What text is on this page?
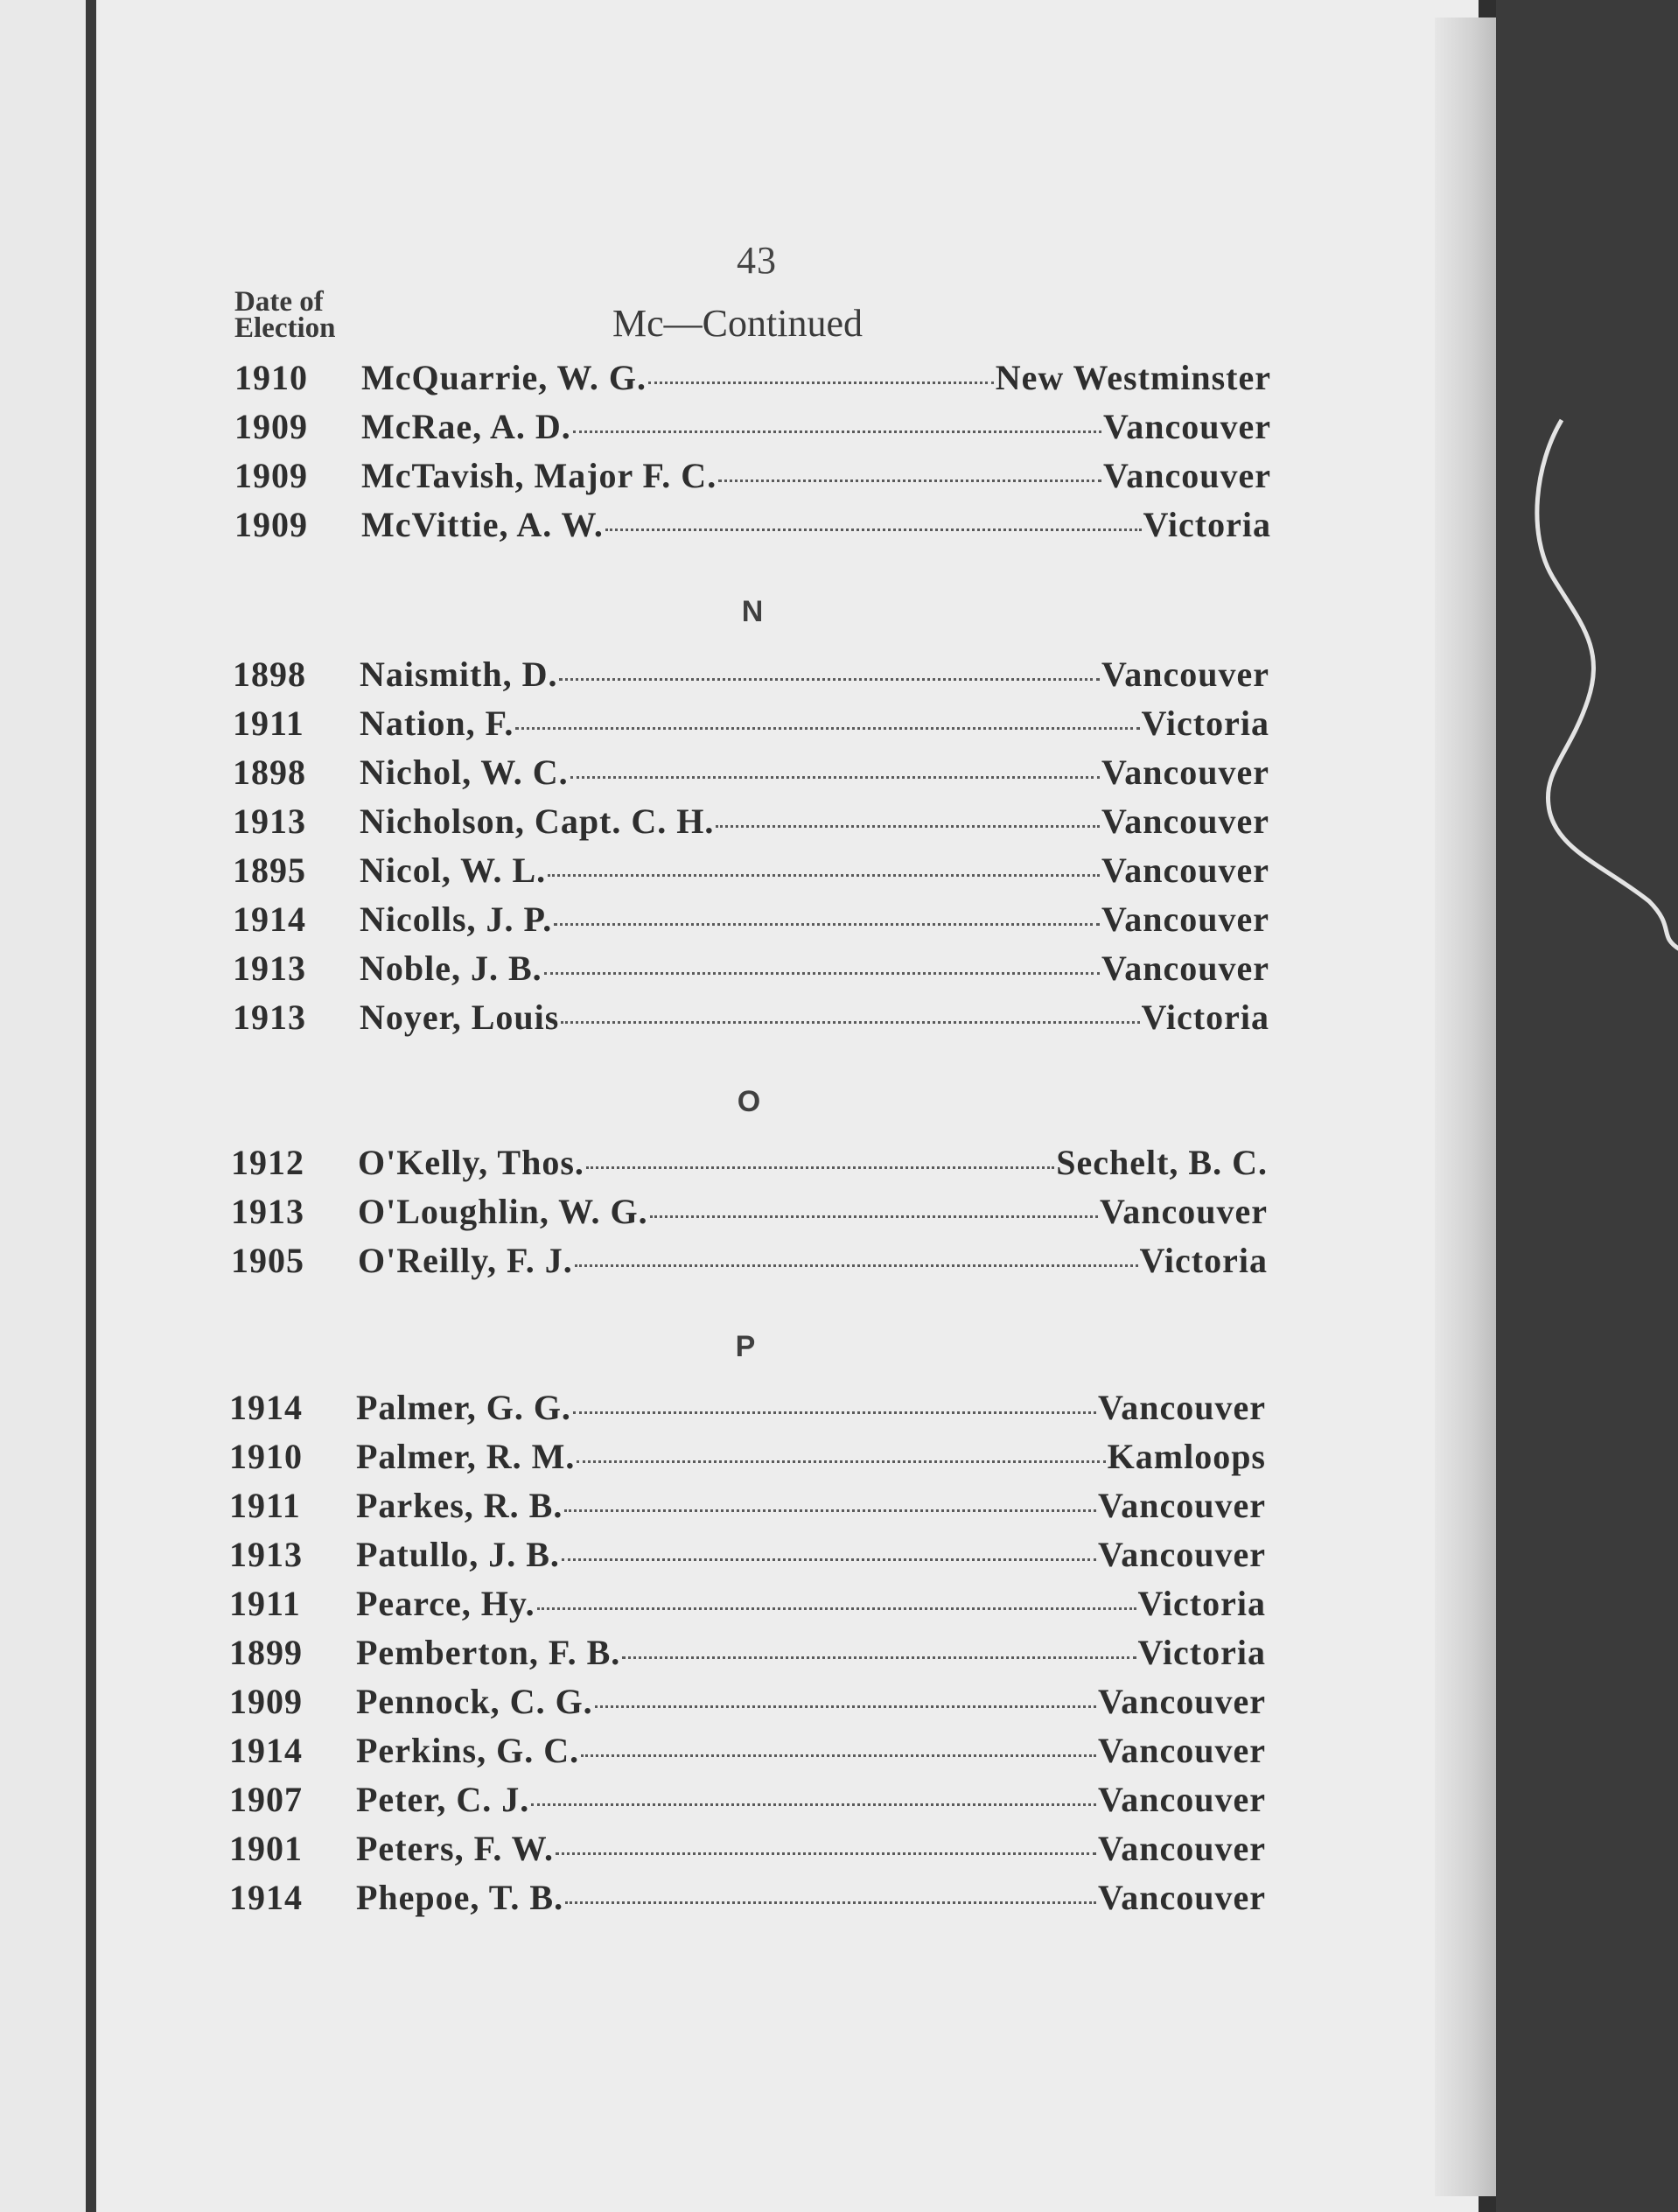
43
Date of
Election	Mc—Continued
1910	McQuarrie, W. G.	New Westminster
1909	McRae, A. D.	Vancouver
1909	McTavish, Major F. C.	Vancouver
1909	McVittie, A. W.	Victoria
N
1898	Naismith, D.	Vancouver
1911	Nation, F.	Victoria
1898	Nichol, W. C.	Vancouver
1913	Nicholson, Capt. C. H.	Vancouver
1895	Nicol, W. L.	Vancouver
1914	Nicolls, J. P.	Vancouver
1913	Noble, J. B.	Vancouver
1913	Noyer, Louis	Victoria
O
1912	O'Kelly, Thos.	Sechelt, B. C.
1913	O'Loughlin, W. G.	Vancouver
1905	O'Reilly, F. J.	Victoria
P
1914	Palmer, G. G.	Vancouver
1910	Palmer, R. M.	Kamloops
1911	Parkes, R. B.	Vancouver
1913	Patullo, J. B.	Vancouver
1911	Pearce, Hy.	Victoria
1899	Pemberton, F. B.	Victoria
1909	Pennock, C. G.	Vancouver
1914	Perkins, G. C.	Vancouver
1907	Peter, C. J.	Vancouver
1901	Peters, F. W.	Vancouver
1914	Phepoe, T. B.	Vancouver
